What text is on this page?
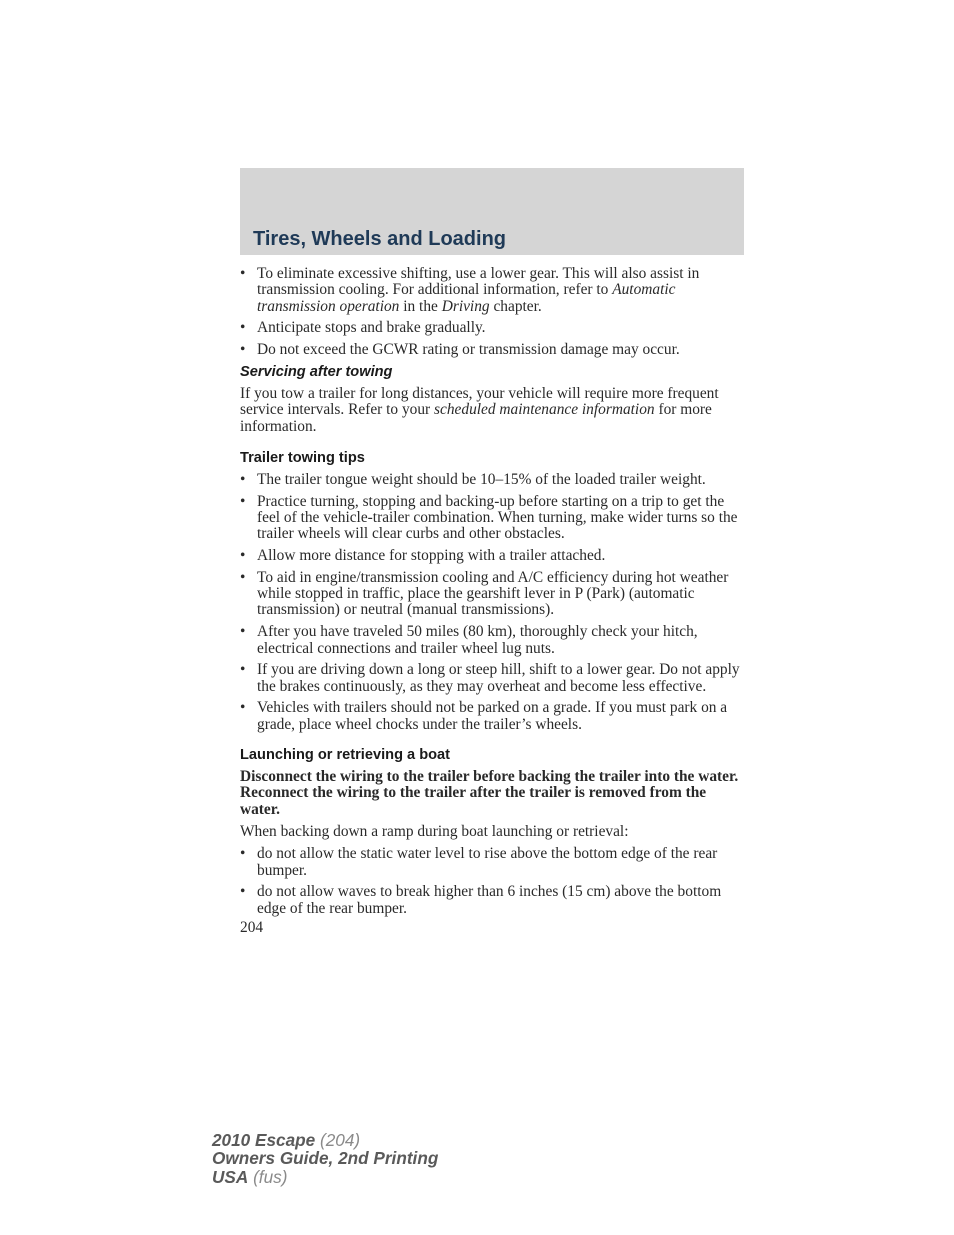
Tires, Wheels and Loading
• To eliminate excessive shifting, use a lower gear. This will also assist in transmission cooling. For additional information, refer to Automatic transmission operation in the Driving chapter.
• Anticipate stops and brake gradually.
• Do not exceed the GCWR rating or transmission damage may occur.
Servicing after towing

If you tow a trailer for long distances, your vehicle will require more frequent service intervals. Refer to your scheduled maintenance information for more information.

Trailer towing tips
• The trailer tongue weight should be 10–15% of the loaded trailer weight.
• Practice turning, stopping and backing-up before starting on a trip to get the feel of the vehicle-trailer combination. When turning, make wider turns so the trailer wheels will clear curbs and other obstacles.
• Allow more distance for stopping with a trailer attached.
• To aid in engine/transmission cooling and A/C efficiency during hot weather while stopped in traffic, place the gearshift lever in P (Park) (automatic transmission) or neutral (manual transmissions).
• After you have traveled 50 miles (80 km), thoroughly check your hitch, electrical connections and trailer wheel lug nuts.
• If you are driving down a long or steep hill, shift to a lower gear. Do not apply the brakes continuously, as they may overheat and become less effective.
• Vehicles with trailers should not be parked on a grade. If you must park on a grade, place wheel chocks under the trailer’s wheels.
Launching or retrieving a boat

Disconnect the wiring to the trailer before backing the trailer into the water. Reconnect the wiring to the trailer after the trailer is removed from the water.

When backing down a ramp during boat launching or retrieval:

• do not allow the static water level to rise above the bottom edge of the rear bumper.
• do not allow waves to break higher than 6 inches (15 cm) above the bottom edge of the rear bumper.
204
2010 Escape (204)
Owners Guide, 2nd Printing
USA (fus)
